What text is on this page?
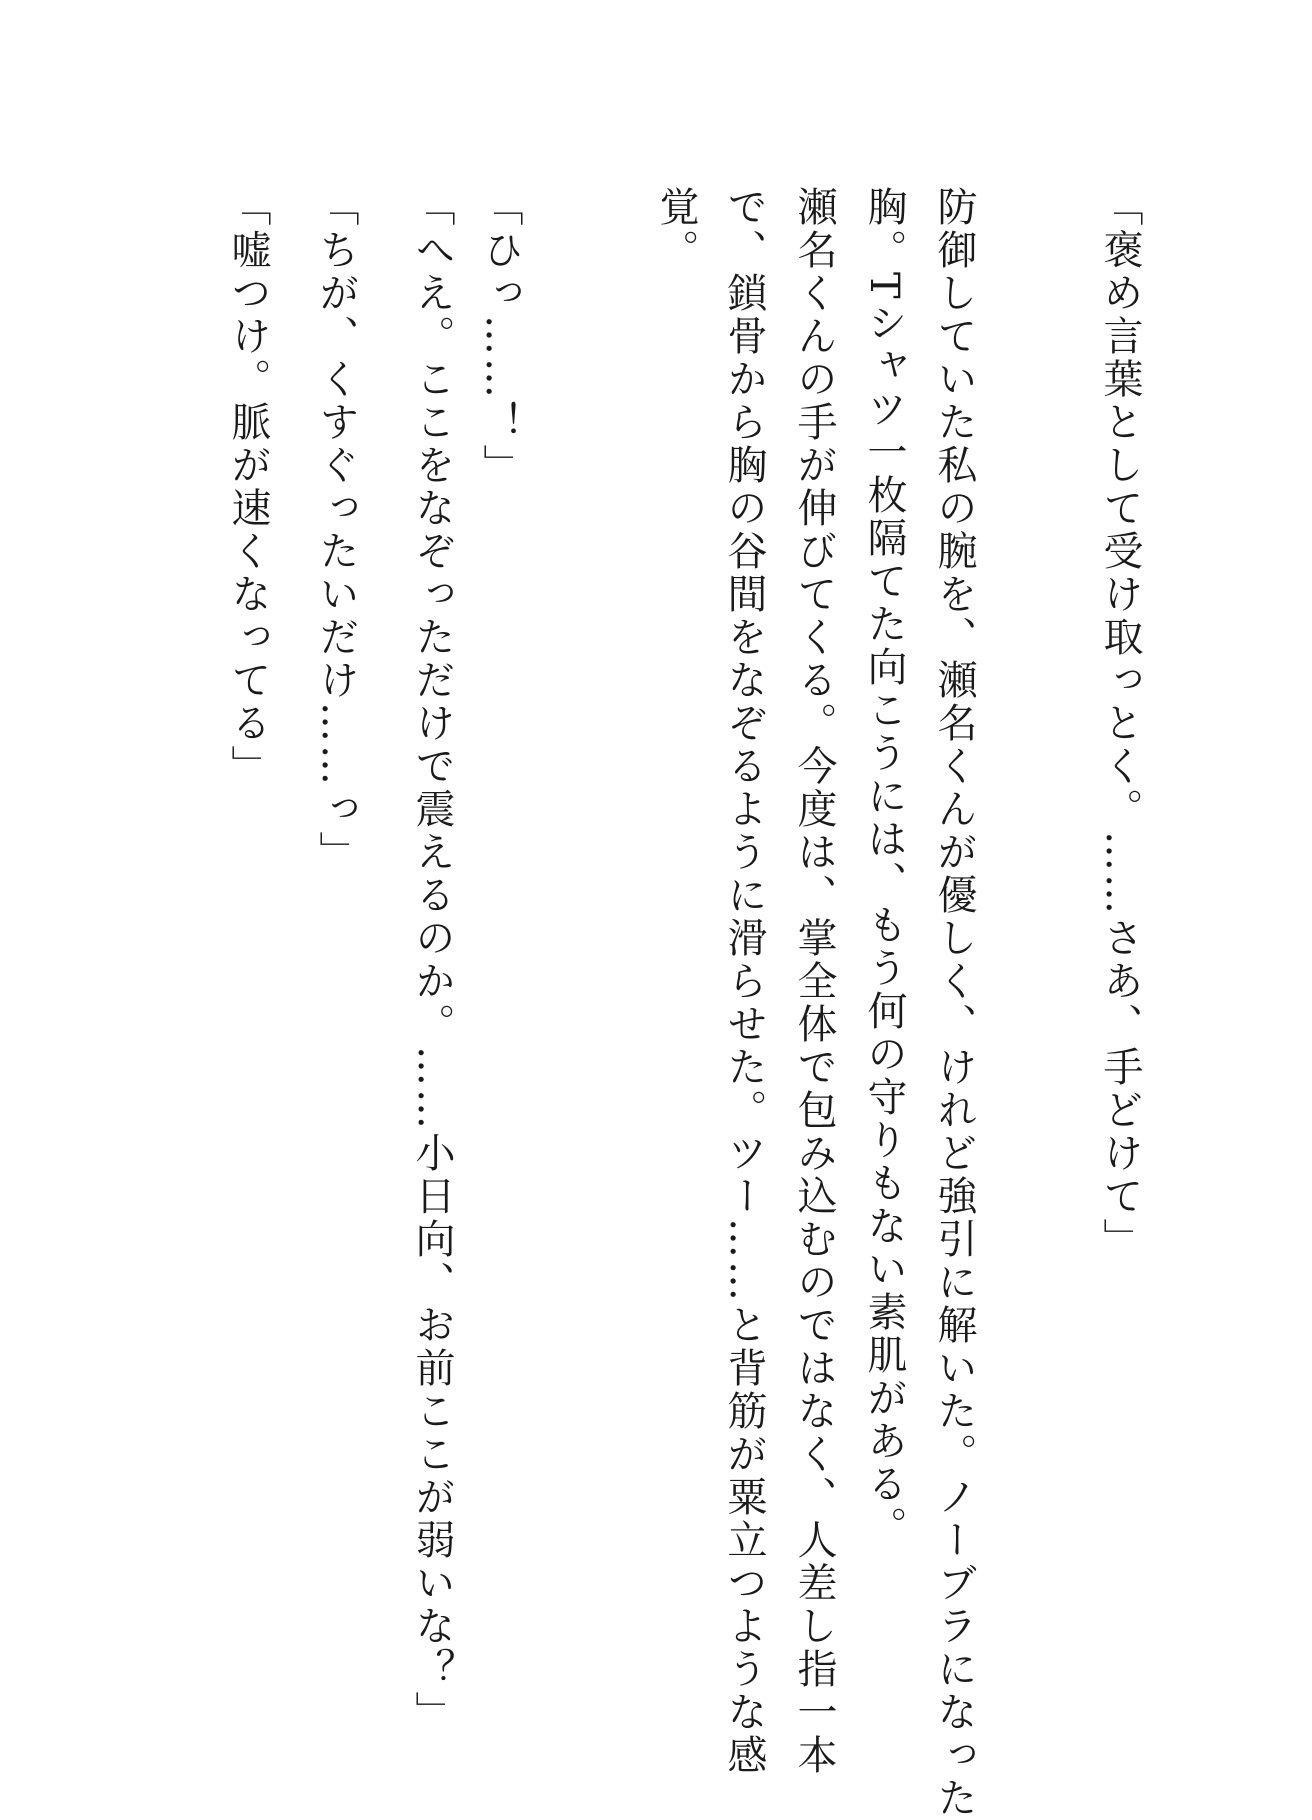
「褒め言葉として受け取っとく。……さあ、手どけて」
防御していた私の腕を、瀬名くんが優しく、けれど強引に解いた。ノーブラになった
胸。Tシャツ一枚隔てた向こうには、もう何の守りもない素肌がある。
瀬名くんの手が伸びてくる。今度は、掌全体で包み込むのではなく、人差し指一本
で、鎖骨から胸の谷間をなぞるように滑らせた。ツー……と背筋が粟立つような感
覚。
「ひっ……！」
「へえ。ここをなぞっただけで震えるのか。……小日向、お前ここが弱いな？」
「ちが、くすぐったいだけ……っ」
「嘘つけ。脈が速くなってる」
